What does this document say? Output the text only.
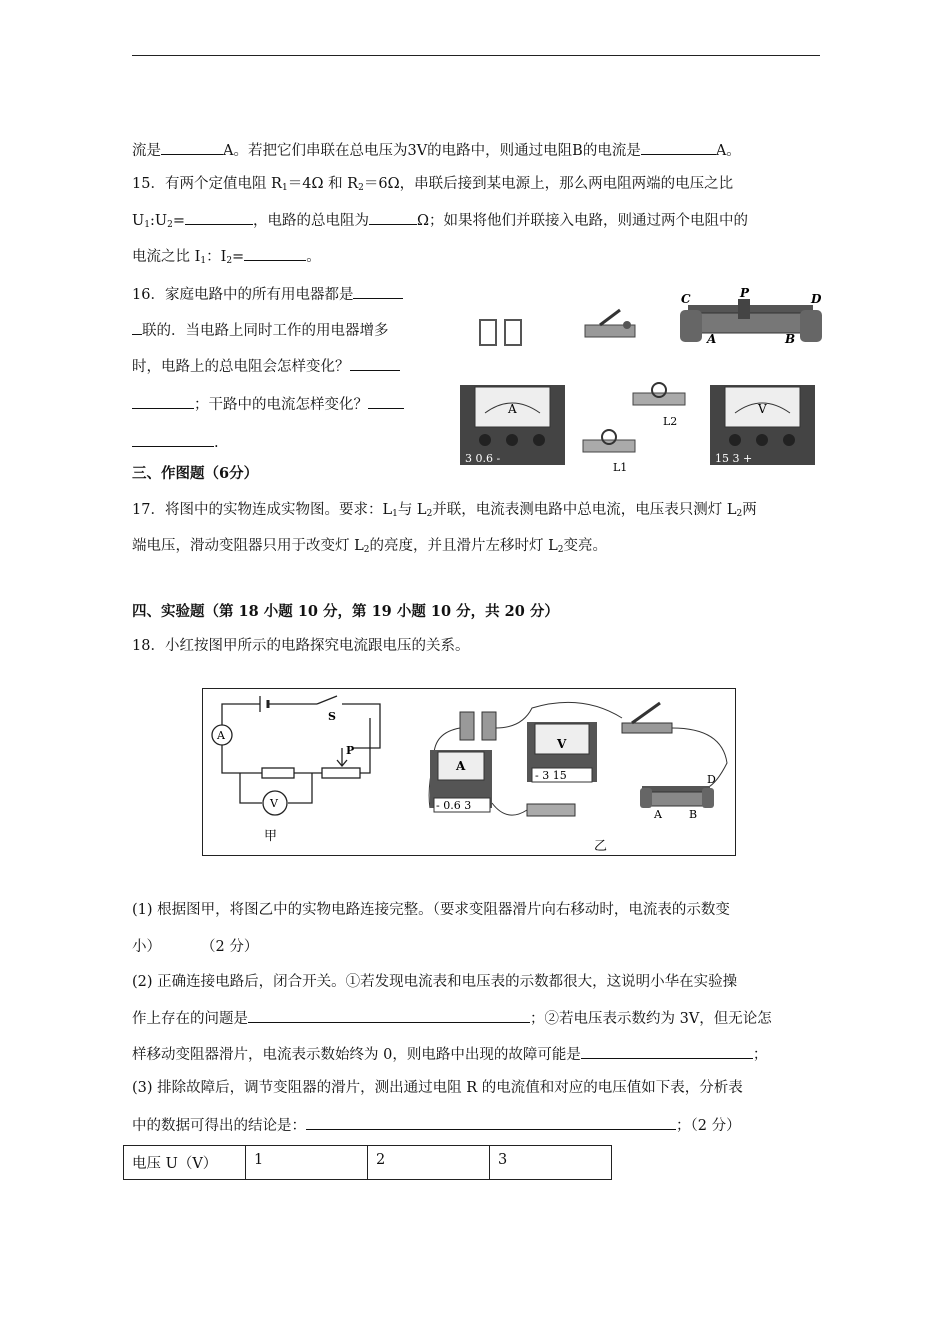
流是	A。若把它们串联在总电压为3V的电路中，则通过电阻B的电流是	A。
15．有两个定值电阻 $R_1=4\Omega$ 和 $R_2=6\Omega$，串联后接到某电源上，那么两电阻两端的电压之比
$U_1:U_2=$	，电路的总电阻为	Ω；如果将他们并联接入电路，则通过两个电阻中的
电流之比 $I_1$：$I_2=$	。
16．家庭电路中的所有用电器都是
联的．当电路上同时工作的用电器增多
时，电路上的总电阻会怎样变化？
；干路中的电流怎样变化？
.
C	P	D
A	B
A
3 0.6 -
L2
L1
V
15 3 +
三、作图题（6分）
17．将图中的实物连成实物图。要求：$L_1$与 $L_2$并联，电流表测电路中总电流，电压表只测灯 $L_2$两
端电压，滑动变阻器只用于改变灯 $L_2$的亮度，并且滑片左移时灯 $L_2$变亮。
四、实验题（第 18 小题 10 分，第 19 小题 10 分，共 20 分）
18．小红按图甲所示的电路探究电流跟电压的关系。
A
V
S
P
甲
A
- 0.6 3
V
- 3 15	D
A B
乙
(1) 根据图甲，将图乙中的实物电路连接完整。（要求变阻器滑片向右移动时，电流表的示数变
小）	（2 分）
(2) 正确连接电路后，闭合开关。①若发现电流表和电压表的示数都很大，这说明小华在实验操
作上存在的问题是	；②若电压表示数约为 3V，但无论怎
样移动变阻器滑片，电流表示数始终为 0，则电路中出现的故障可能是	；
(3) 排除故障后，调节变阻器的滑片，测出通过电阻 R 的电流值和对应的电压值如下表，分析表
中的数据可得出的结论是：	；（2 分）
电压 U（V）	1	2	3
